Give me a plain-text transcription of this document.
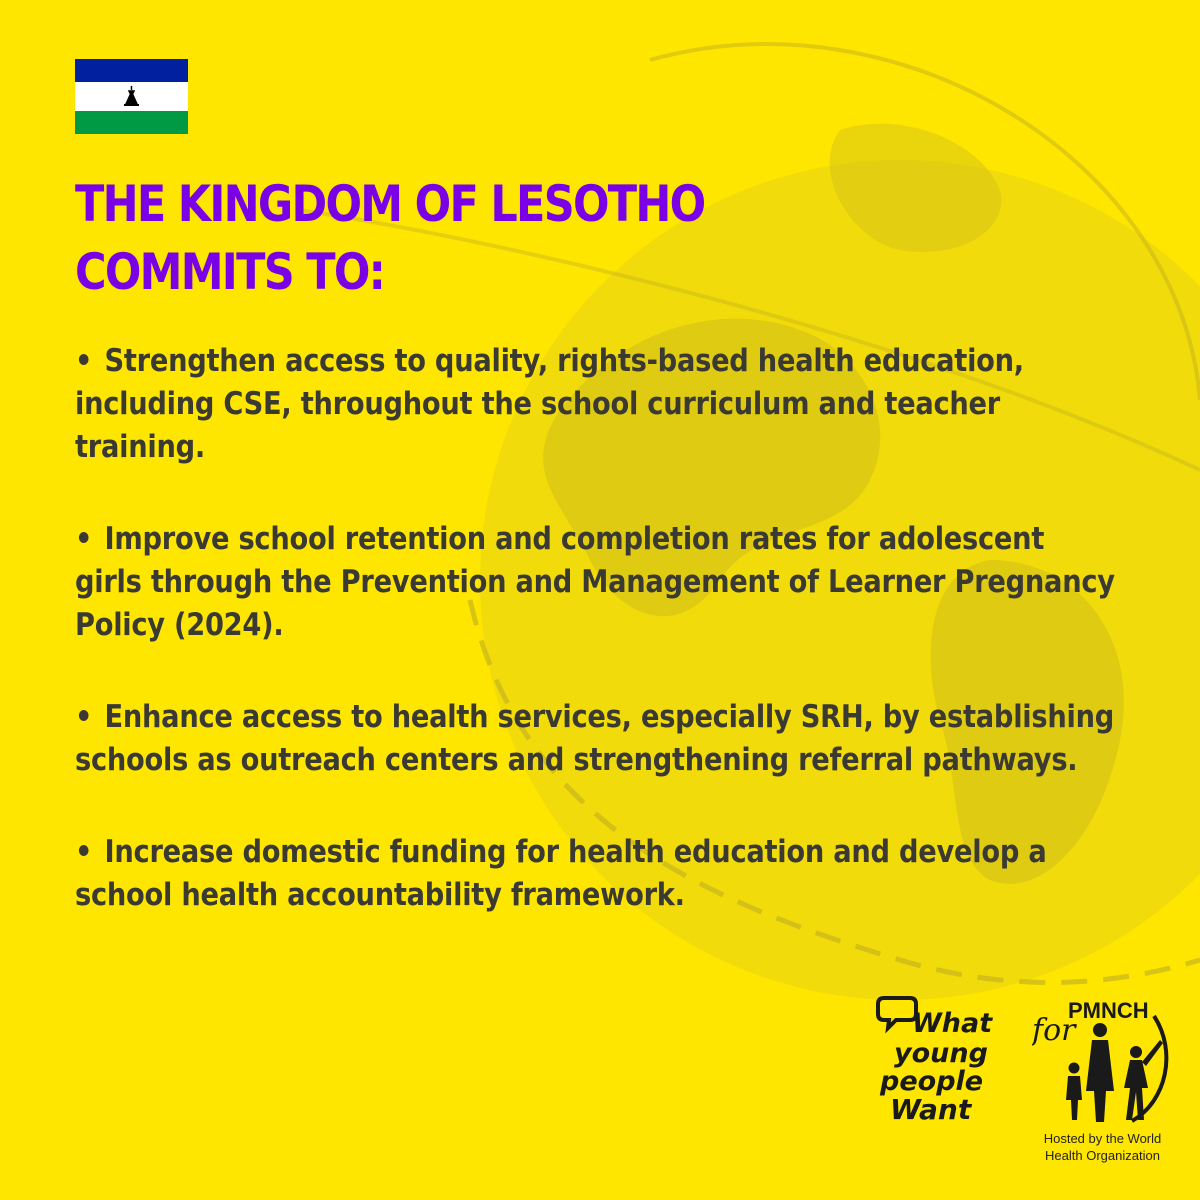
THE KINGDOM OF LESOTHO
COMMITS TO:
• Strengthen access to quality, rights-based health education, including CSE, throughout the school curriculum and teacher training.
• Improve school retention and completion rates for adolescent girls through the Prevention and Management of Learner Pregnancy Policy (2024).
• Enhance access to health services, especially SRH, by establishing schools as outreach centers and strengthening referral pathways.
• Increase domestic funding for health education and develop a school health accountability framework.
What
young
people
Want
for
PMNCH
Hosted by the World
Health Organization
